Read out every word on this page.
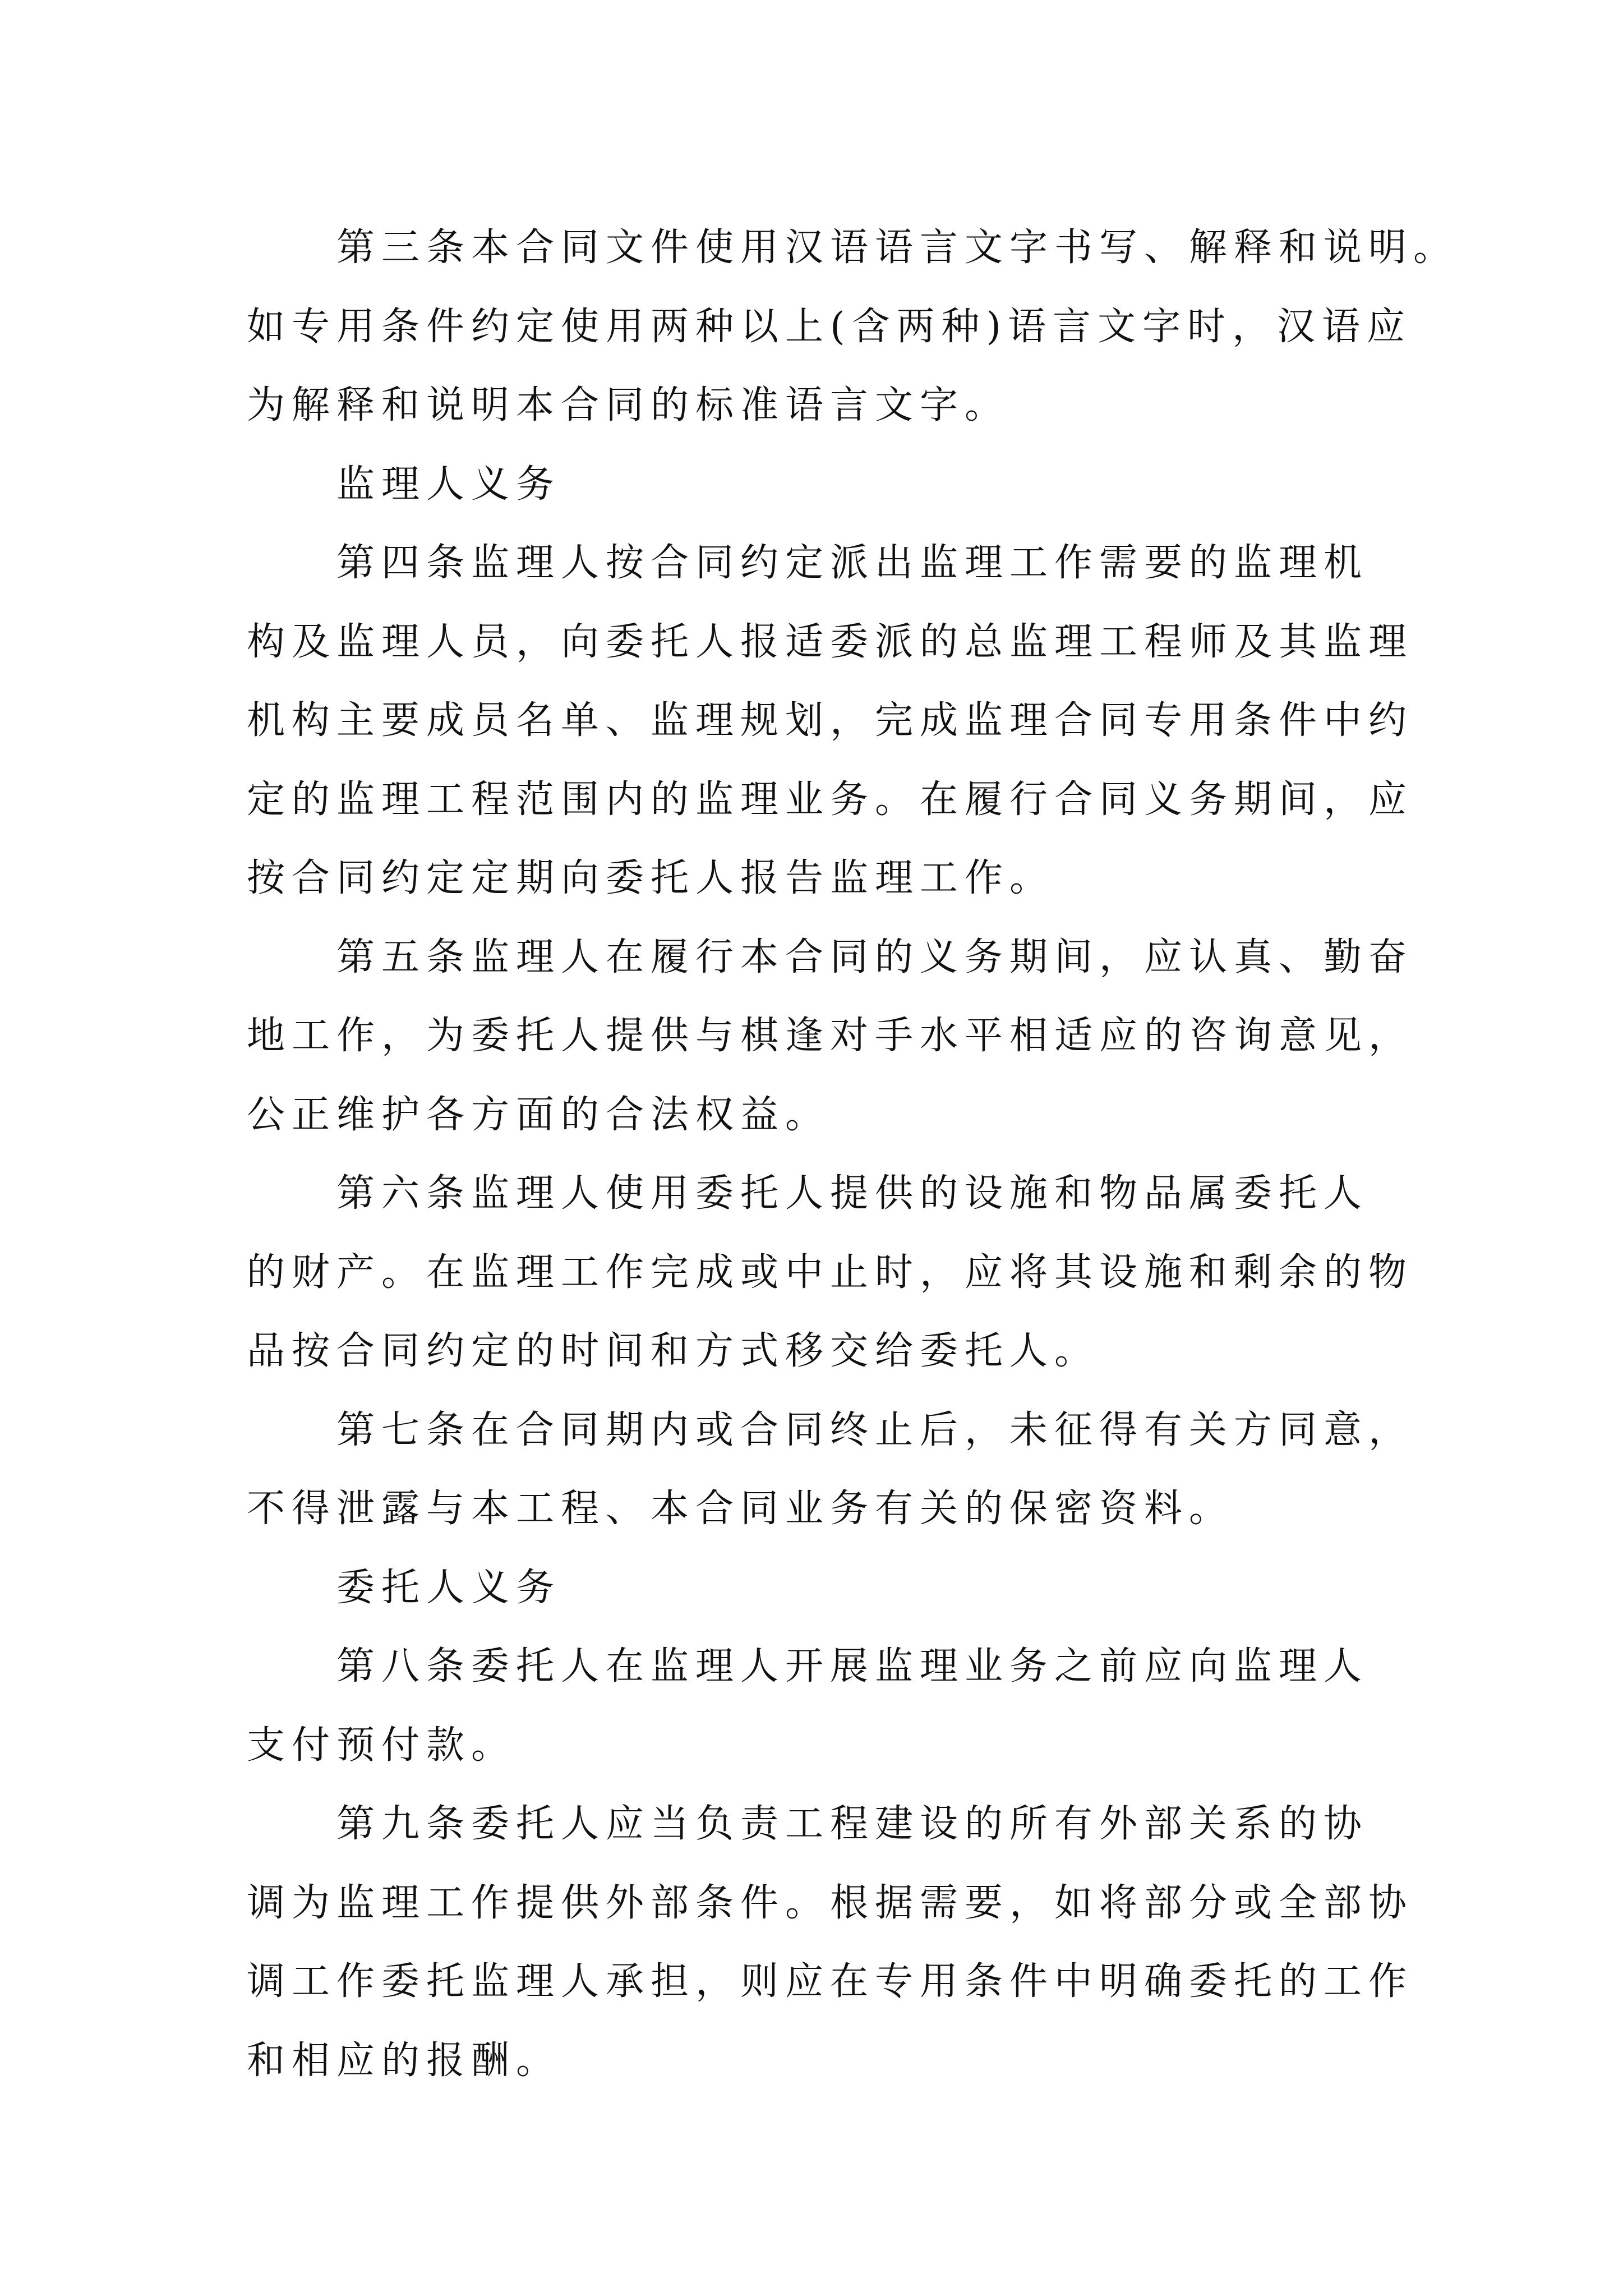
第三条本合同文件使用汉语语言文字书写、解释和说明。
如专用条件约定使用两种以上(含两种)语言文字时，汉语应
为解释和说明本合同的标准语言文字。
监理人义务
第四条监理人按合同约定派出监理工作需要的监理机
构及监理人员，向委托人报适委派的总监理工程师及其监理
机构主要成员名单、监理规划，完成监理合同专用条件中约
定的监理工程范围内的监理业务。在履行合同义务期间，应
按合同约定定期向委托人报告监理工作。
第五条监理人在履行本合同的义务期间，应认真、勤奋
地工作，为委托人提供与棋逢对手水平相适应的咨询意见，
公正维护各方面的合法权益。
第六条监理人使用委托人提供的设施和物品属委托人
的财产。在监理工作完成或中止时，应将其设施和剩余的物
品按合同约定的时间和方式移交给委托人。
第七条在合同期内或合同终止后，未征得有关方同意，
不得泄露与本工程、本合同业务有关的保密资料。
委托人义务
第八条委托人在监理人开展监理业务之前应向监理人
支付预付款。
第九条委托人应当负责工程建设的所有外部关系的协
调为监理工作提供外部条件。根据需要，如将部分或全部协
调工作委托监理人承担，则应在专用条件中明确委托的工作
和相应的报酬。
